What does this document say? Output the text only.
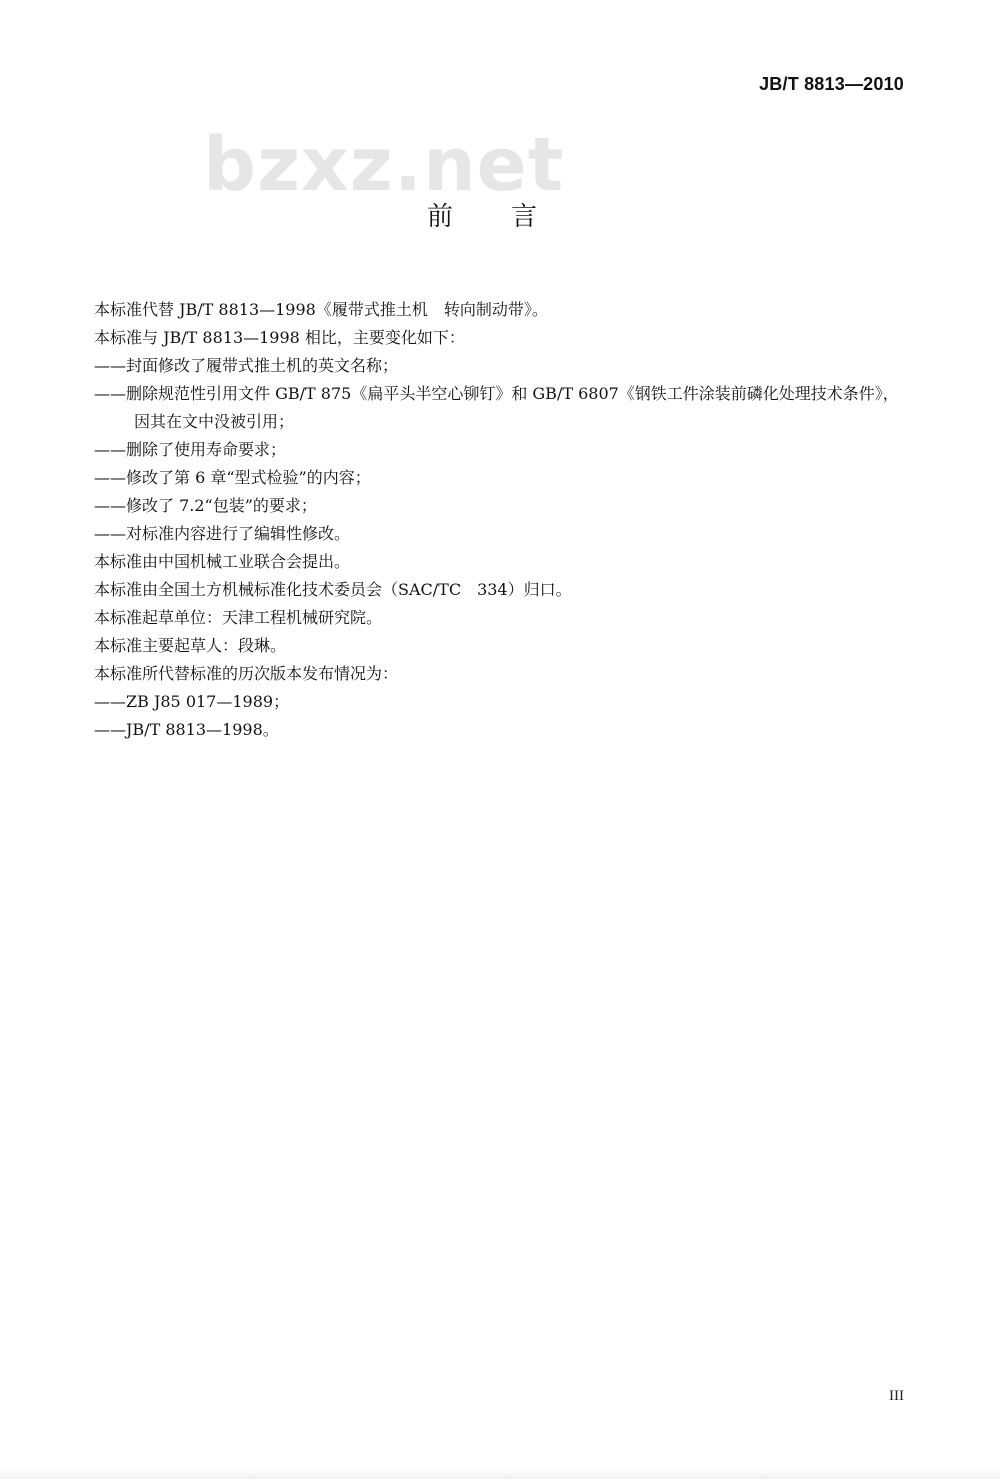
JB/T 8813—2010
bzxz.net
前言
本标准代替 JB/T 8813—1998《履带式推土机　转向制动带》。
本标准与 JB/T 8813—1998 相比，主要变化如下：
——封面修改了履带式推土机的英文名称；
——删除规范性引用文件 GB/T 875《扁平头半空心铆钉》和 GB/T 6807《钢铁工件涂装前磷化处理技术条件》，因其在文中没被引用；
——删除了使用寿命要求；
——修改了第 6 章“型式检验”的内容；
——修改了 7.2“包装”的要求；
——对标准内容进行了编辑性修改。
本标准由中国机械工业联合会提出。
本标准由全国土方机械标准化技术委员会（SAC/TC　334）归口。
本标准起草单位：天津工程机械研究院。
本标准主要起草人：段琳。
本标准所代替标准的历次版本发布情况为：
——ZB J85 017—1989；
——JB/T 8813—1998。
III
